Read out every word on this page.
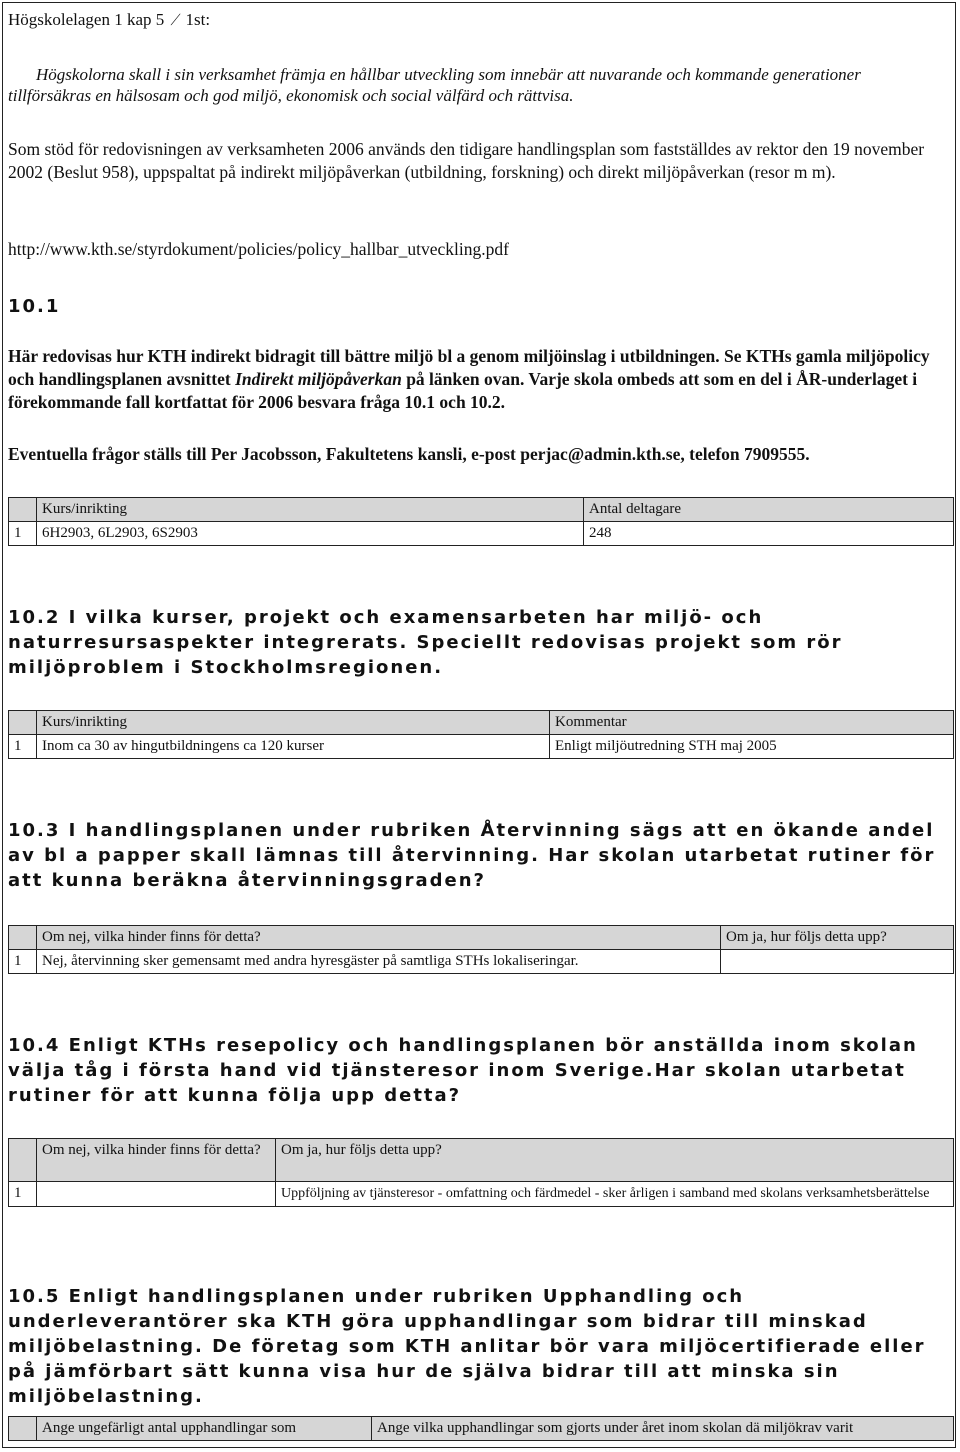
Högskolelagen 1 kap 5 / 1st:
Högskolorna skall i sin verksamhet främja en hållbar utveckling som innebär att nuvarande och kommande generationer tillförsäkras en hälsosam och god miljö, ekonomisk och social välfärd och rättvisa.
Som stöd för redovisningen av verksamheten 2006 används den tidigare handlingsplan som fastställdes av rektor den 19 november 2002 (Beslut 958), uppspaltat på indirekt miljöpåverkan (utbildning, forskning) och direkt miljöpåverkan (resor m m).
http://www.kth.se/styrdokument/policies/policy_hallbar_utveckling.pdf
10.1
Här redovisas hur KTH indirekt bidragit till bättre miljö bl a genom miljöinslag i utbildningen. Se KTHs gamla miljöpolicy och handlingsplanen avsnittet Indirekt miljöpåverkan på länken ovan. Varje skola ombeds att som en del i ÅR-underlaget i förekommande fall kortfattat för 2006 besvara fråga 10.1 och 10.2.
Eventuella frågor ställs till Per Jacobsson, Fakultetens kansli, e-post perjac@admin.kth.se, telefon 7909555.
	Kurs/inrikting	Antal deltagare
1	6H2903, 6L2903, 6S2903	248
10.2 I vilka kurser, projekt och examensarbeten har miljö- och naturresursaspekter integrerats. Speciellt redovisas projekt som rör miljöproblem i Stockholmsregionen.
	Kurs/inrikting	Kommentar
1	Inom ca 30 av hingutbildningens ca 120 kurser	Enligt miljöutredning STH maj 2005
10.3 I handlingsplanen under rubriken Återvinning sägs att en ökande andel av bl a papper skall lämnas till återvinning. Har skolan utarbetat rutiner för att kunna beräkna återvinningsgraden?
	Om nej, vilka hinder finns för detta?	Om ja, hur följs detta upp?
1	Nej, återvinning sker gemensamt med andra hyresgäster på samtliga STHs lokaliseringar.	
10.4 Enligt KTHs resepolicy och handlingsplanen bör anställda inom skolan välja tåg i första hand vid tjänsteresor inom Sverige.Har skolan utarbetat rutiner för att kunna följa upp detta?
	Om nej, vilka hinder finns för detta?	Om ja, hur följs detta upp?
1		Uppföljning av tjänsteresor - omfattning och färdmedel - sker årligen i samband med skolans verksamhetsberättelse
10.5 Enligt handlingsplanen under rubriken Upphandling och underleverantörer ska KTH göra upphandlingar som bidrar till minskad miljöbelastning. De företag som KTH anlitar bör vara miljöcertifierade eller på jämförbart sätt kunna visa hur de själva bidrar till att minska sin miljöbelastning.
	Ange ungefärligt antal upphandlingar som	Ange vilka upphandlingar som gjorts under året inom skolan dä miljökrav varit
